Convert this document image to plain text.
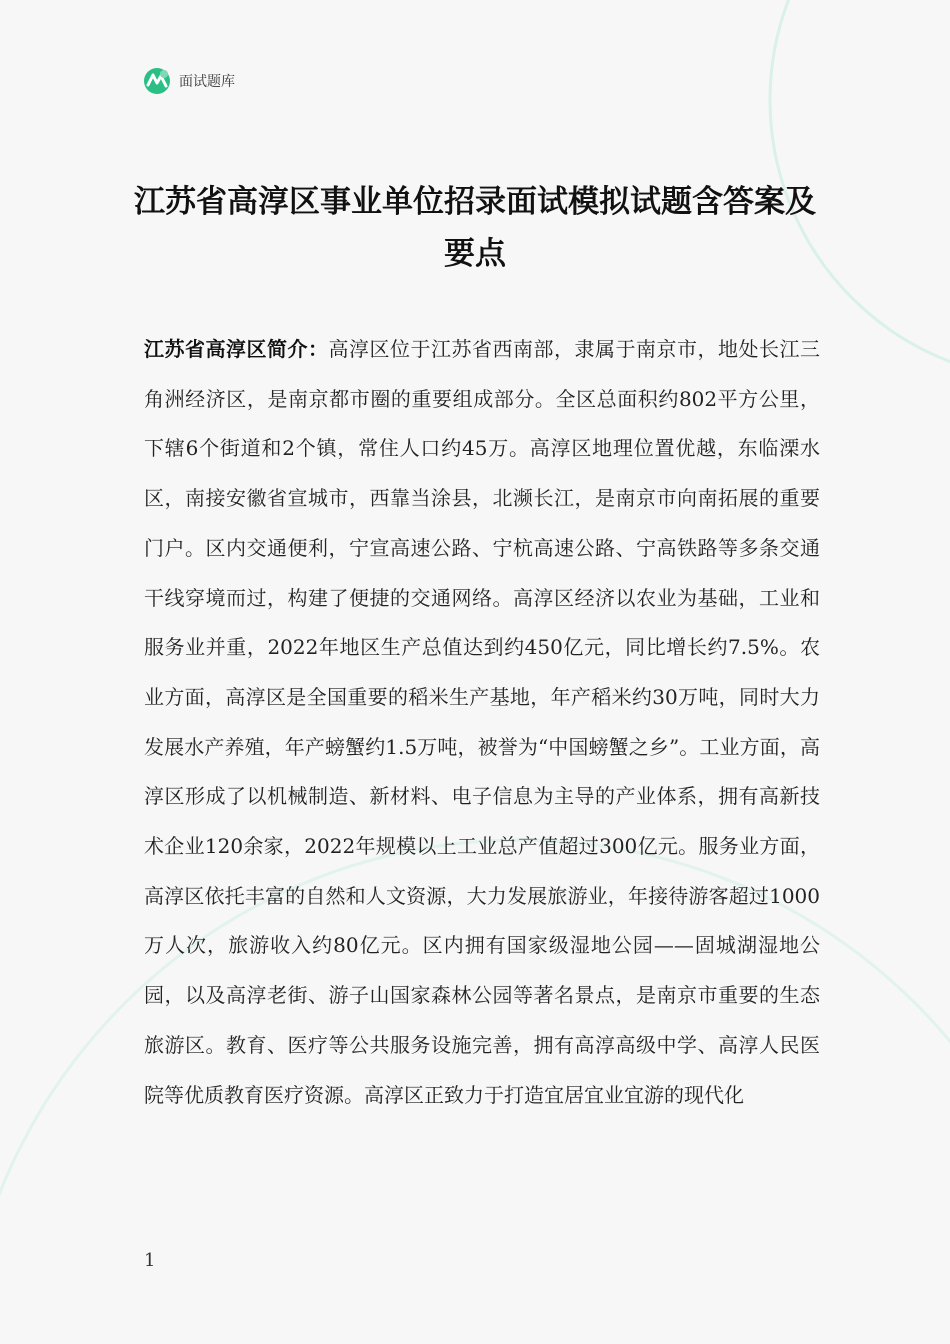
面试题库
江苏省高淳区事业单位招录面试模拟试题含答案及要点

江苏省高淳区简介：高淳区位于江苏省西南部，隶属于南京市，地处长江三角洲经济区，是南京都市圈的重要组成部分。全区总面积约802平方公里，下辖6个街道和2个镇，常住人口约45万。高淳区地理位置优越，东临溧水区，南接安徽省宣城市，西靠当涂县，北濒长江，是南京市向南拓展的重要门户。区内交通便利，宁宣高速公路、宁杭高速公路、宁高铁路等多条交通干线穿境而过，构建了便捷的交通网络。高淳区经济以农业为基础，工业和服务业并重，2022年地区生产总值达到约450亿元，同比增长约7.5%。农业方面，高淳区是全国重要的稻米生产基地，年产稻米约30万吨，同时大力发展水产养殖，年产螃蟹约1.5万吨，被誉为“中国螃蟹之乡”。工业方面，高淳区形成了以机械制造、新材料、电子信息为主导的产业体系，拥有高新技术企业120余家，2022年规模以上工业总产值超过300亿元。服务业方面，高淳区依托丰富的自然和人文资源，大力发展旅游业，年接待游客超过1000万人次，旅游收入约80亿元。区内拥有国家级湿地公园——固城湖湿地公园，以及高淳老街、游子山国家森林公园等著名景点，是南京市重要的生态旅游区。教育、医疗等公共服务设施完善，拥有高淳高级中学、高淳人民医院等优质教育医疗资源。高淳区正致力于打造宜居宜业宜游的现代化

1
